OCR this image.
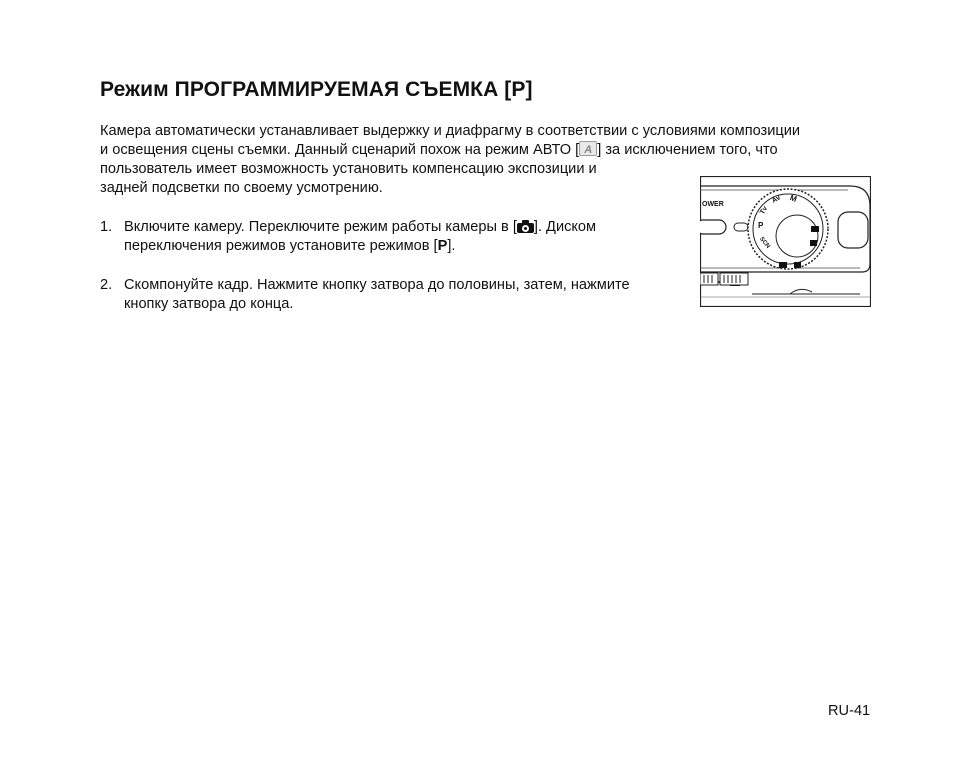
Режим ПРОГРАММИРУЕМАЯ СЪЕМКА [P]

Камера автоматически устанавливает выдержку и диафрагму в соответствии с условиями композиции

и освещения сцены съемки. Данный сценарий похож на режим АВТО [A ] за исключением того, что

пользователь имеет возможность установить компенсацию экспозиции и

задней подсветки по своему усмотрению.

1. Включите камеру. Переключите режим работы камеры в [ ]. Диском

переключения режимов установите режимов [P].

2. Скомпонуйте кадр. Нажмите кнопку затвора до половины, затем, нажмите

кнопку затвора до конца.

OWER
P
Tv
Av M
SCN

RU-41
